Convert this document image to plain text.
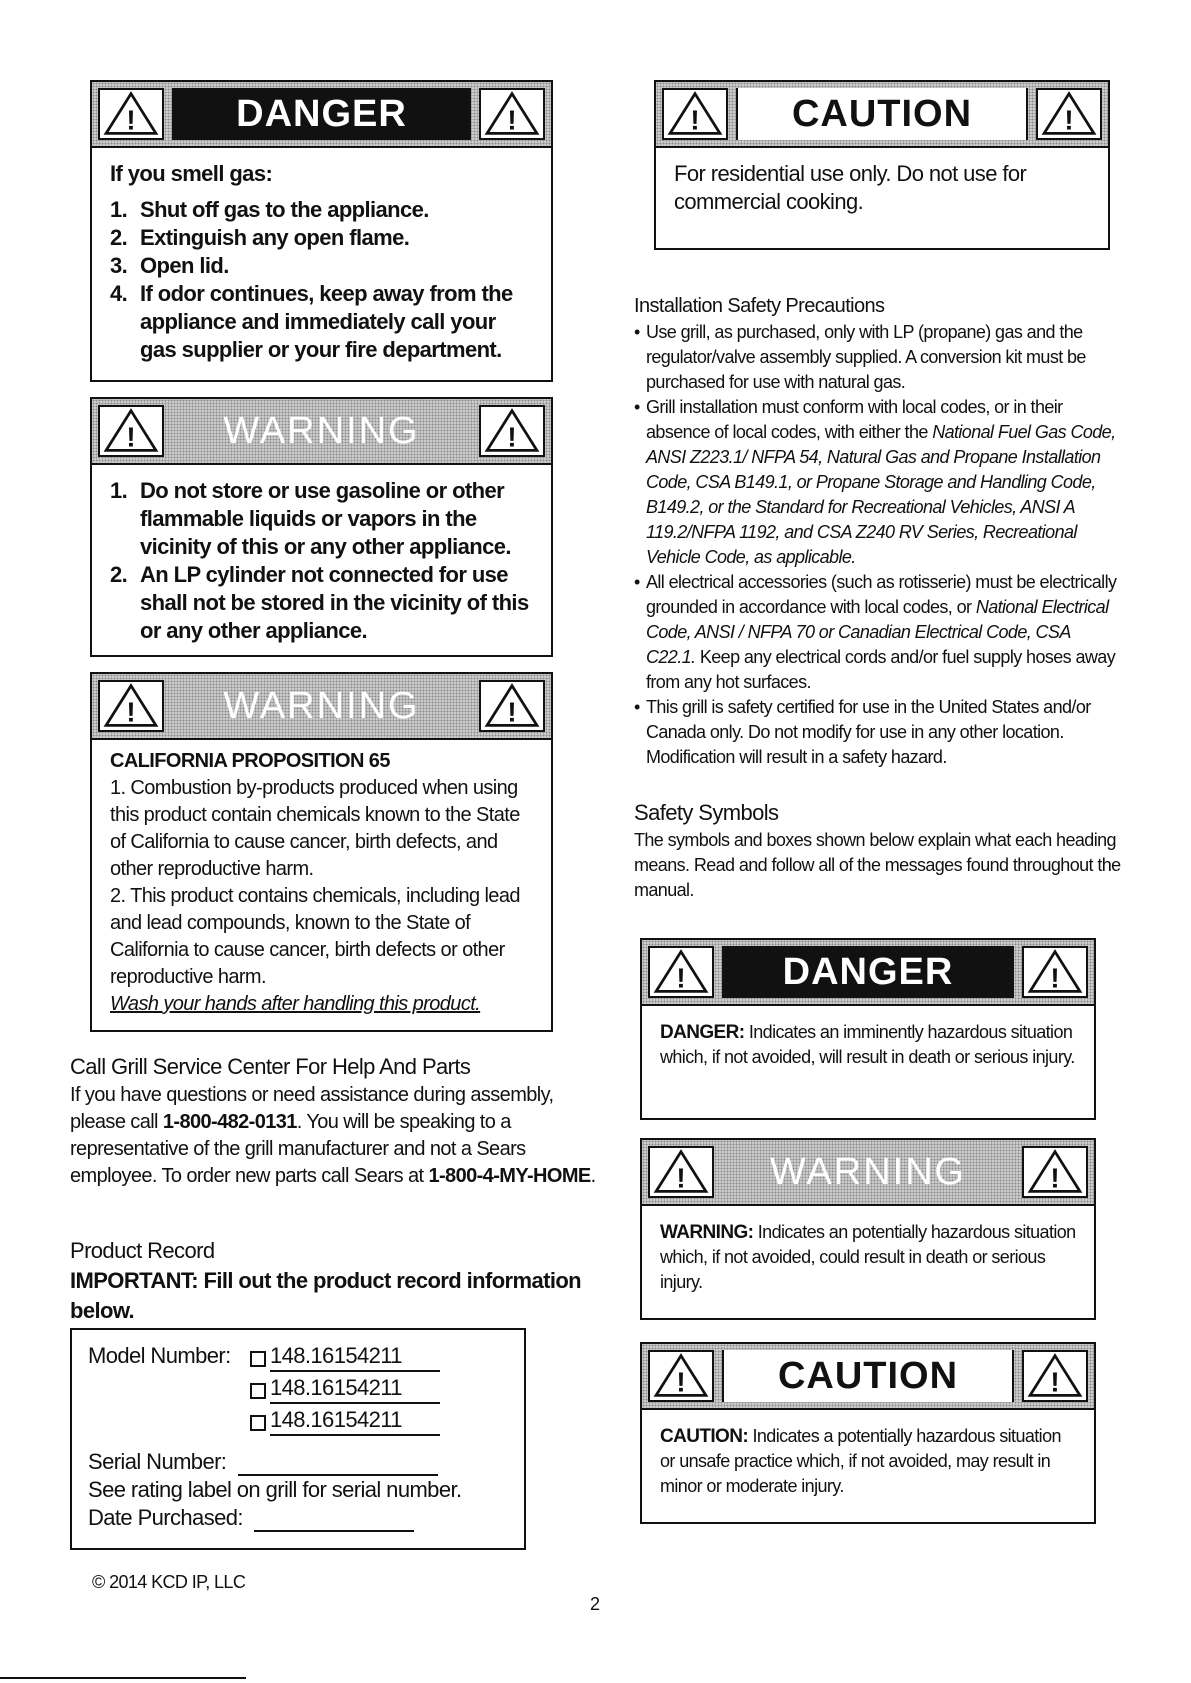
!	DANGER	!
If you smell gas:
1. Shut off gas to the appliance.
2. Extinguish any open flame.
3. Open lid.
4. If odor continues, keep away from the appliance and immediately call your gas supplier or your fire department.
!	WARNING	!
1. Do not store or use gasoline or other flammable liquids or vapors in the vicinity of this or any other appliance.
2. An LP cylinder not connected for use shall not be stored in the vicinity of this or any other appliance.
!	WARNING	!
CALIFORNIA PROPOSITION 65
1. Combustion by-products produced when using this product contain chemicals known to the State of California to cause cancer, birth defects, and other reproductive harm.
2. This product contains chemicals, including lead and lead compounds, known to the State of California to cause cancer, birth defects or other reproductive harm.
Wash your hands after handling this product.
Call Grill Service Center For Help And Parts
If you have questions or need assistance during assembly, please call 1-800-482-0131. You will be speaking to a representative of the grill manufacturer and not a Sears employee. To order new parts call Sears at 1-800-4-MY-HOME.
Product Record
IMPORTANT: Fill out the product record information below.
Model Number:	148.16154211
148.16154211
148.16154211
Serial Number:
See rating label on grill for serial number.
Date Purchased:
© 2014 KCD IP, LLC
2
!	CAUTION	!
For residential use only. Do not use for commercial cooking.
Installation Safety Precautions
• Use grill, as purchased, only with LP (propane) gas and the regulator/valve assembly supplied. A conversion kit must be purchased for use with natural gas.
• Grill installation must conform with local codes, or in their absence of local codes, with either the National Fuel Gas Code, ANSI Z223.1/ NFPA 54, Natural Gas and Propane Installation Code, CSA B149.1, or Propane Storage and Handling Code, B149.2, or the Standard for Recreational Vehicles, ANSI A 119.2/NFPA 1192, and CSA Z240 RV Series, Recreational Vehicle Code, as applicable.
• All electrical accessories (such as rotisserie) must be electrically grounded in accordance with local codes, or National Electrical Code, ANSI / NFPA 70 or Canadian Electrical Code, CSA C22.1. Keep any electrical cords and/or fuel supply hoses away from any hot surfaces.
• This grill is safety certified for use in the United States and/or Canada only. Do not modify for use in any other location. Modification will result in a safety hazard.
Safety Symbols
The symbols and boxes shown below explain what each heading means. Read and follow all of the messages found throughout the manual.
!	DANGER	!
DANGER: Indicates an imminently hazardous situation which, if not avoided, will result in death or serious injury.
!	WARNING	!
WARNING: Indicates an potentially hazardous situation which, if not avoided, could result in death or serious injury.
!	CAUTION	!
CAUTION: Indicates a potentially hazardous situation or unsafe practice which, if not avoided, may result in minor or moderate injury.
